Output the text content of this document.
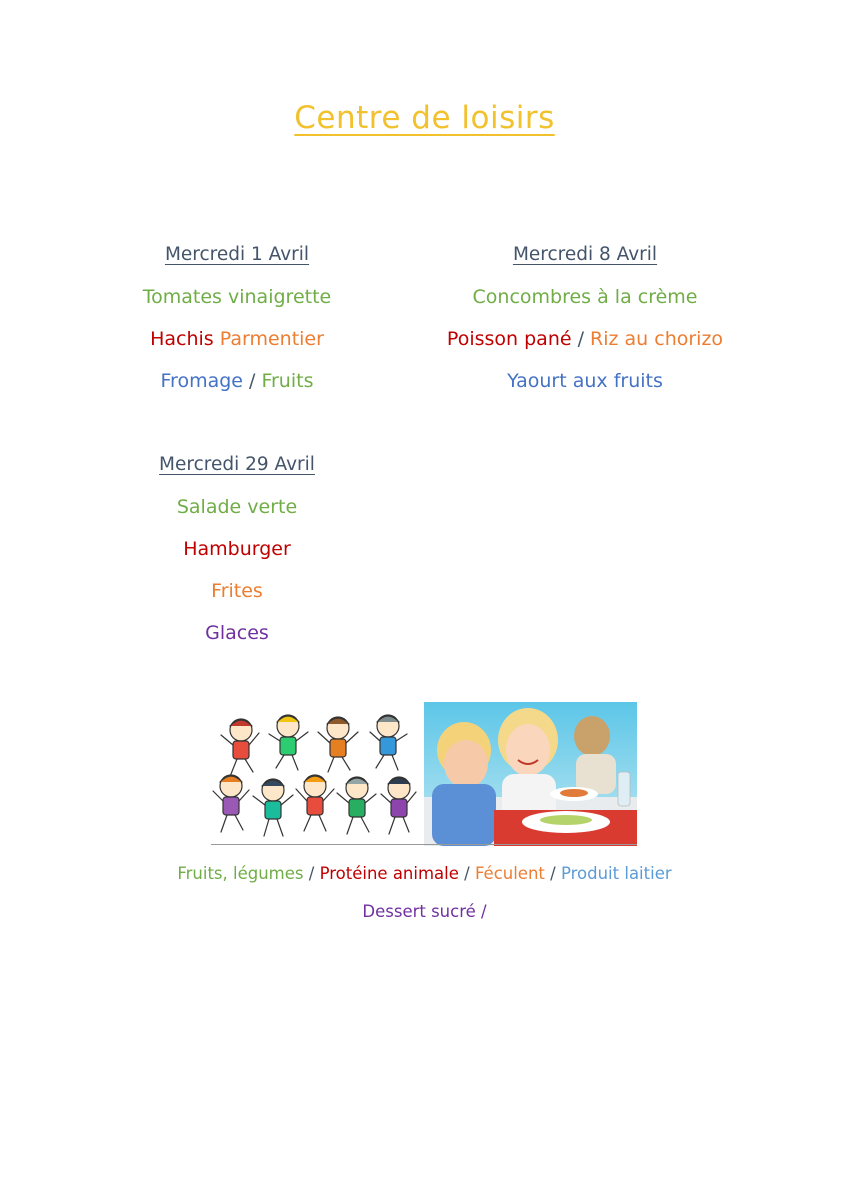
Centre de loisirs
Mercredi 1 Avril
Tomates vinaigrette
Hachis Parmentier
Fromage / Fruits
Mercredi 8 Avril
Concombres à la crème
Poisson pané / Riz au chorizo
Yaourt aux fruits
Mercredi 29 Avril
Salade verte
Hamburger
Frites
Glaces
Fruits, légumes / Protéine animale / Féculent / Produit laitier
Dessert sucré /
